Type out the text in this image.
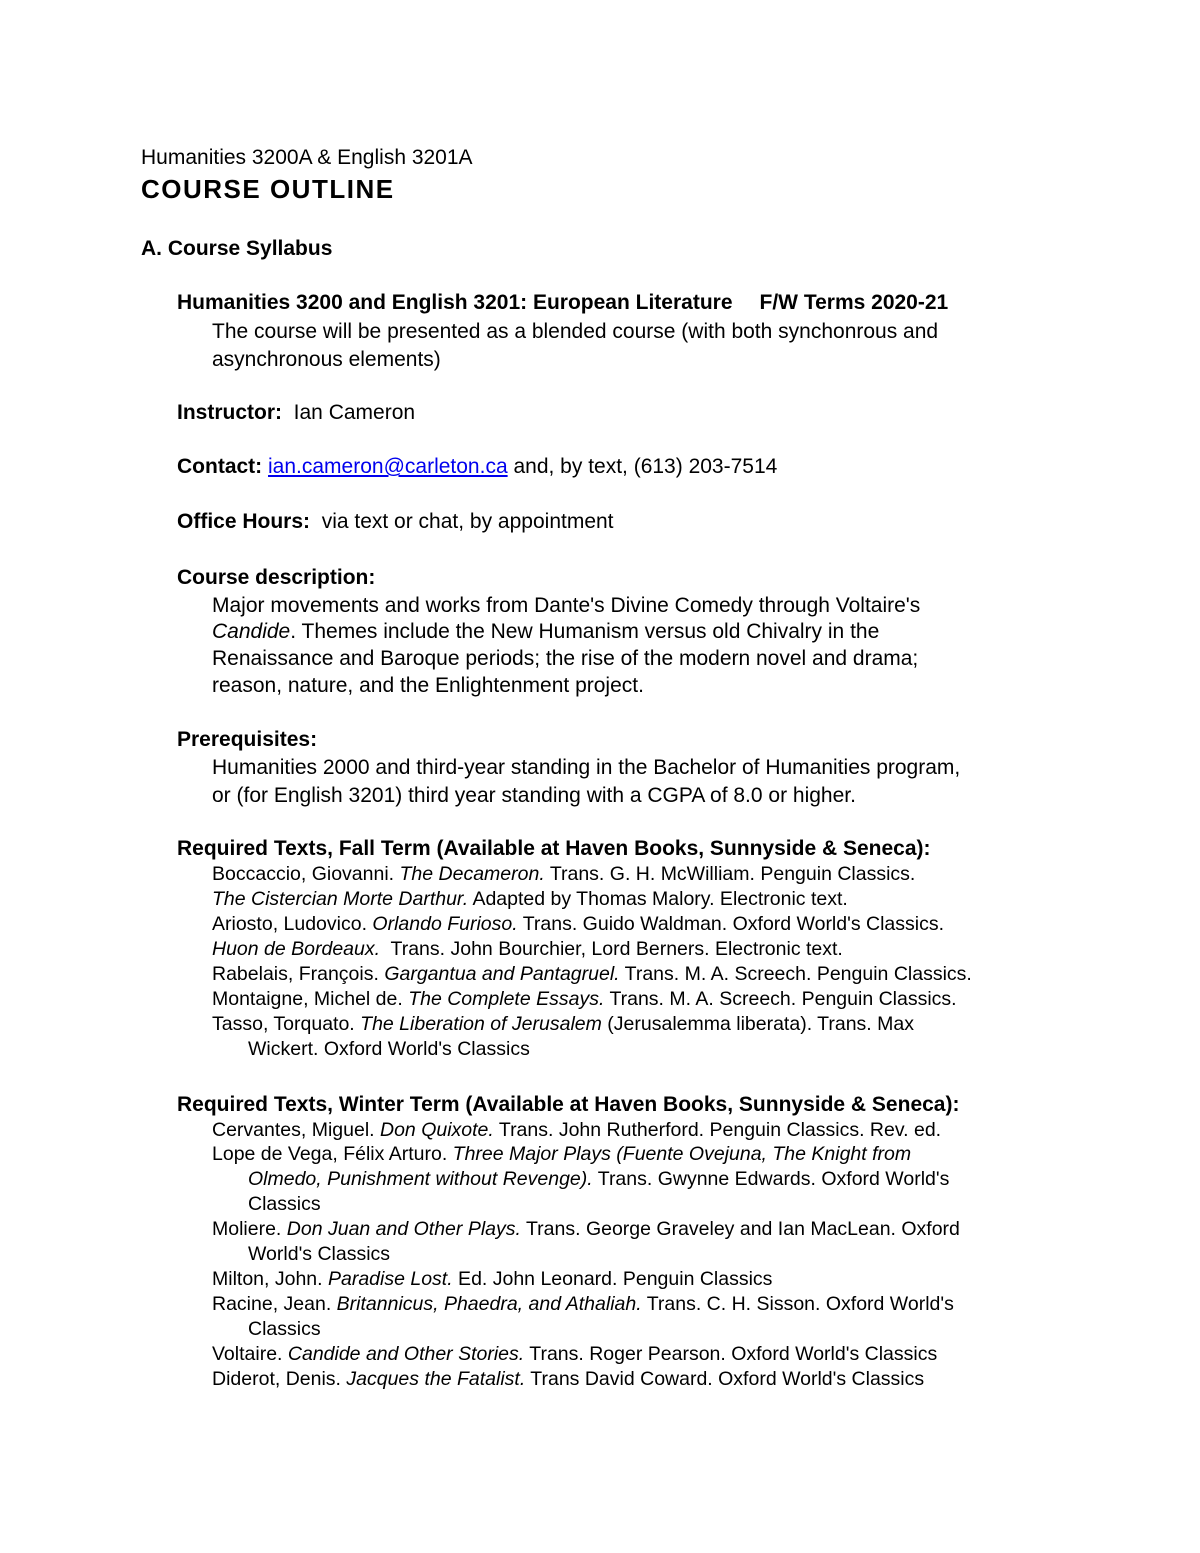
Humanities 3200A & English 3201A
COURSE OUTLINE
A. Course Syllabus
Humanities 3200 and English 3201: European Literature F/W Terms 2020-21
The course will be presented as a blended course (with both synchonrous and
asynchronous elements)
Instructor: Ian Cameron
Contact: ian.cameron@carleton.ca and, by text, (613) 203-7514
Office Hours: via text or chat, by appointment
Course description:
Major movements and works from Dante's Divine Comedy through Voltaire's
Candide. Themes include the New Humanism versus old Chivalry in the
Renaissance and Baroque periods; the rise of the modern novel and drama;
reason, nature, and the Enlightenment project.
Prerequisites:
Humanities 2000 and third-year standing in the Bachelor of Humanities program,
or (for English 3201) third year standing with a CGPA of 8.0 or higher.
Required Texts, Fall Term (Available at Haven Books, Sunnyside & Seneca):
Boccaccio, Giovanni. The Decameron. Trans. G. H. McWilliam. Penguin Classics.
The Cistercian Morte Darthur. Adapted by Thomas Malory. Electronic text.
Ariosto, Ludovico. Orlando Furioso. Trans. Guido Waldman. Oxford World's Classics.
Huon de Bordeaux.  Trans. John Bourchier, Lord Berners. Electronic text.
Rabelais, François. Gargantua and Pantagruel. Trans. M. A. Screech. Penguin Classics.
Montaigne, Michel de. The Complete Essays. Trans. M. A. Screech. Penguin Classics.
Tasso, Torquato. The Liberation of Jerusalem (Jerusalemma liberata). Trans. Max
Wickert. Oxford World's Classics
Required Texts, Winter Term (Available at Haven Books, Sunnyside & Seneca):
Cervantes, Miguel. Don Quixote. Trans. John Rutherford. Penguin Classics. Rev. ed.
Lope de Vega, Félix Arturo. Three Major Plays (Fuente Ovejuna, The Knight from
Olmedo, Punishment without Revenge). Trans. Gwynne Edwards. Oxford World's
Classics
Moliere. Don Juan and Other Plays. Trans. George Graveley and Ian MacLean. Oxford
World's Classics
Milton, John. Paradise Lost. Ed. John Leonard. Penguin Classics
Racine, Jean. Britannicus, Phaedra, and Athaliah. Trans. C. H. Sisson. Oxford World's
Classics
Voltaire. Candide and Other Stories. Trans. Roger Pearson. Oxford World's Classics
Diderot, Denis. Jacques the Fatalist. Trans David Coward. Oxford World's Classics
